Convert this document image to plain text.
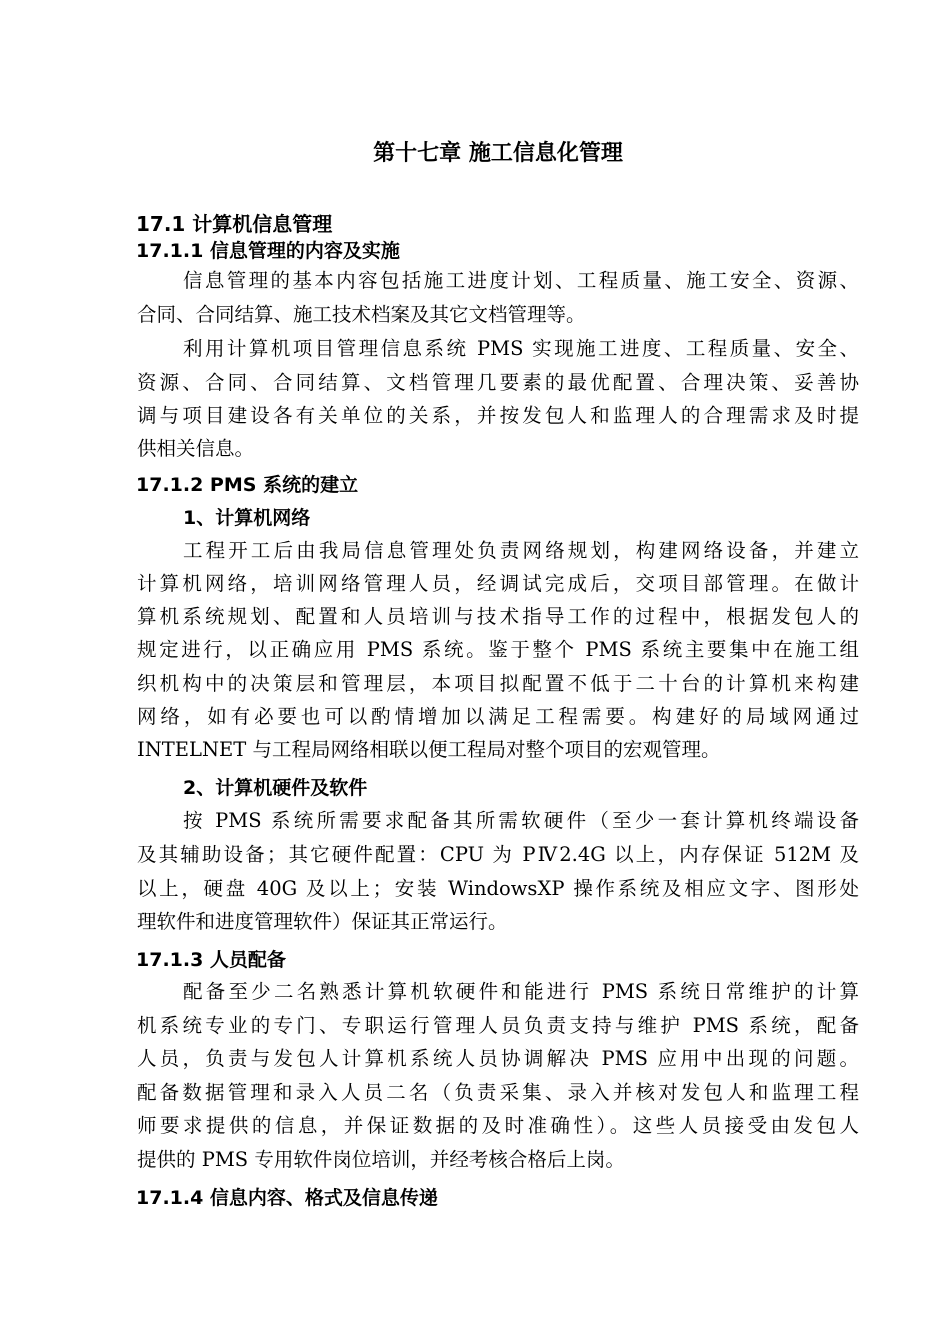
第十七章 施工信息化管理
17.1 计算机信息管理
17.1.1 信息管理的内容及实施
信息管理的基本内容包括施工进度计划、工程质量、施工安全、资源、
合同、合同结算、施工技术档案及其它文档管理等。
利用计算机项目管理信息系统 PMS 实现施工进度、工程质量、安全、
资源、合同、合同结算、文档管理几要素的最优配置、合理决策、妥善协
调与项目建设各有关单位的关系，并按发包人和监理人的合理需求及时提
供相关信息。
17.1.2 PMS 系统的建立
1、计算机网络
工程开工后由我局信息管理处负责网络规划，构建网络设备，并建立
计算机网络，培训网络管理人员，经调试完成后，交项目部管理。在做计
算机系统规划、配置和人员培训与技术指导工作的过程中，根据发包人的
规定进行，以正确应用 PMS 系统。鉴于整个 PMS 系统主要集中在施工组
织机构中的决策层和管理层，本项目拟配置不低于二十台的计算机来构建
网络，如有必要也可以酌情增加以满足工程需要。构建好的局域网通过
INTELNET 与工程局网络相联以便工程局对整个项目的宏观管理。
2、计算机硬件及软件
按 PMS 系统所需要求配备其所需软硬件（至少一套计算机终端设备
及其辅助设备；其它硬件配置：CPU 为 PⅣ2.4G 以上，内存保证 512M 及
以上，硬盘 40G 及以上；安装 WindowsXP 操作系统及相应文字、图形处
理软件和进度管理软件）保证其正常运行。
17.1.3 人员配备
配备至少二名熟悉计算机软硬件和能进行 PMS 系统日常维护的计算
机系统专业的专门、专职运行管理人员负责支持与维护 PMS 系统，配备
人员，负责与发包人计算机系统人员协调解决 PMS 应用中出现的问题。
配备数据管理和录入人员二名（负责采集、录入并核对发包人和监理工程
师要求提供的信息，并保证数据的及时准确性）。这些人员接受由发包人
提供的 PMS 专用软件岗位培训，并经考核合格后上岗。
17.1.4 信息内容、格式及信息传递
